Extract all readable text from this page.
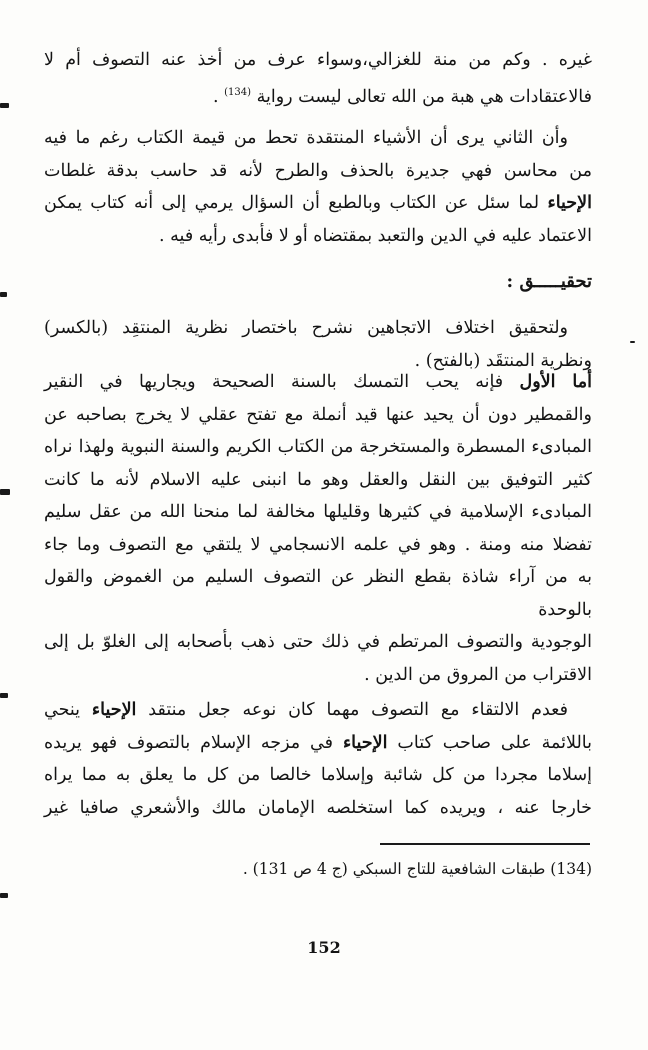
غيره . وكم من منة للغزالي،وسواء عرف من أخذ عنه التصوف أم لا

فالاعتقادات هي هبة من الله تعالى ليست رواية $^{(134)}$ .

وأن الثاني يرى أن الأشياء المنتقدة تحط من قيمة الكتاب رغم ما فيه

من محاسن فهي جديرة بالحذف والطرح لأنه قد حاسب بدقة غلطات

الإحياء لما سئل عن الكتاب وبالطبع أن السؤال يرمي إلى أنه كتاب يمكن

الاعتماد عليه في الدين والتعبد بمقتضاه أو لا فأبدى رأيه فيه .

تحقيـــــق :

ولتحقيق اختلاف الاتجاهين نشرح باختصار نظرية المنتقِد (بالكسر)

ونظرية المنتقَد (بالفتح) .

أما الأول فإنه يحب التمسك بالسنة الصحيحة ويجاريها في النقير

والقمطير دون أن يحيد عنها قيد أنملة مع تفتح عقلي لا يخرج بصاحبه عن

المبادىء المسطرة والمستخرجة من الكتاب الكريم والسنة النبوية ولهذا نراه

كثير التوفيق بين النقل والعقل وهو ما انبنى عليه الاسلام لأنه ما كانت

المبادىء الإسلامية في كثيرها وقليلها مخالفة لما منحنا الله من عقل سليم

تفضلا منه ومنة . وهو في علمه الانسجامي لا يلتقي مع التصوف وما جاء

به من آراء شاذة بقطع النظر عن التصوف السليم من الغموض والقول بالوحدة

الوجودية والتصوف المرتطم في ذلك حتى ذهب بأصحابه إلى الغلوّ بل إلى

الاقتراب من المروق من الدين .

فعدم الالتقاء مع التصوف مهما كان نوعه جعل منتقد الإحياء ينحي

باللائمة على صاحب كتاب الإحياء في مزجه الإسلام بالتصوف فهو يريده

إسلاما مجردا من كل شائبة وإسلاما خالصا من كل ما يعلق به مما يراه

خارجا عنه ، ويريده كما استخلصه الإمامان مالك والأشعري صافيا غير

(134) طبقات الشافعية للتاج السبكي (ج 4 ص 131) .
152
